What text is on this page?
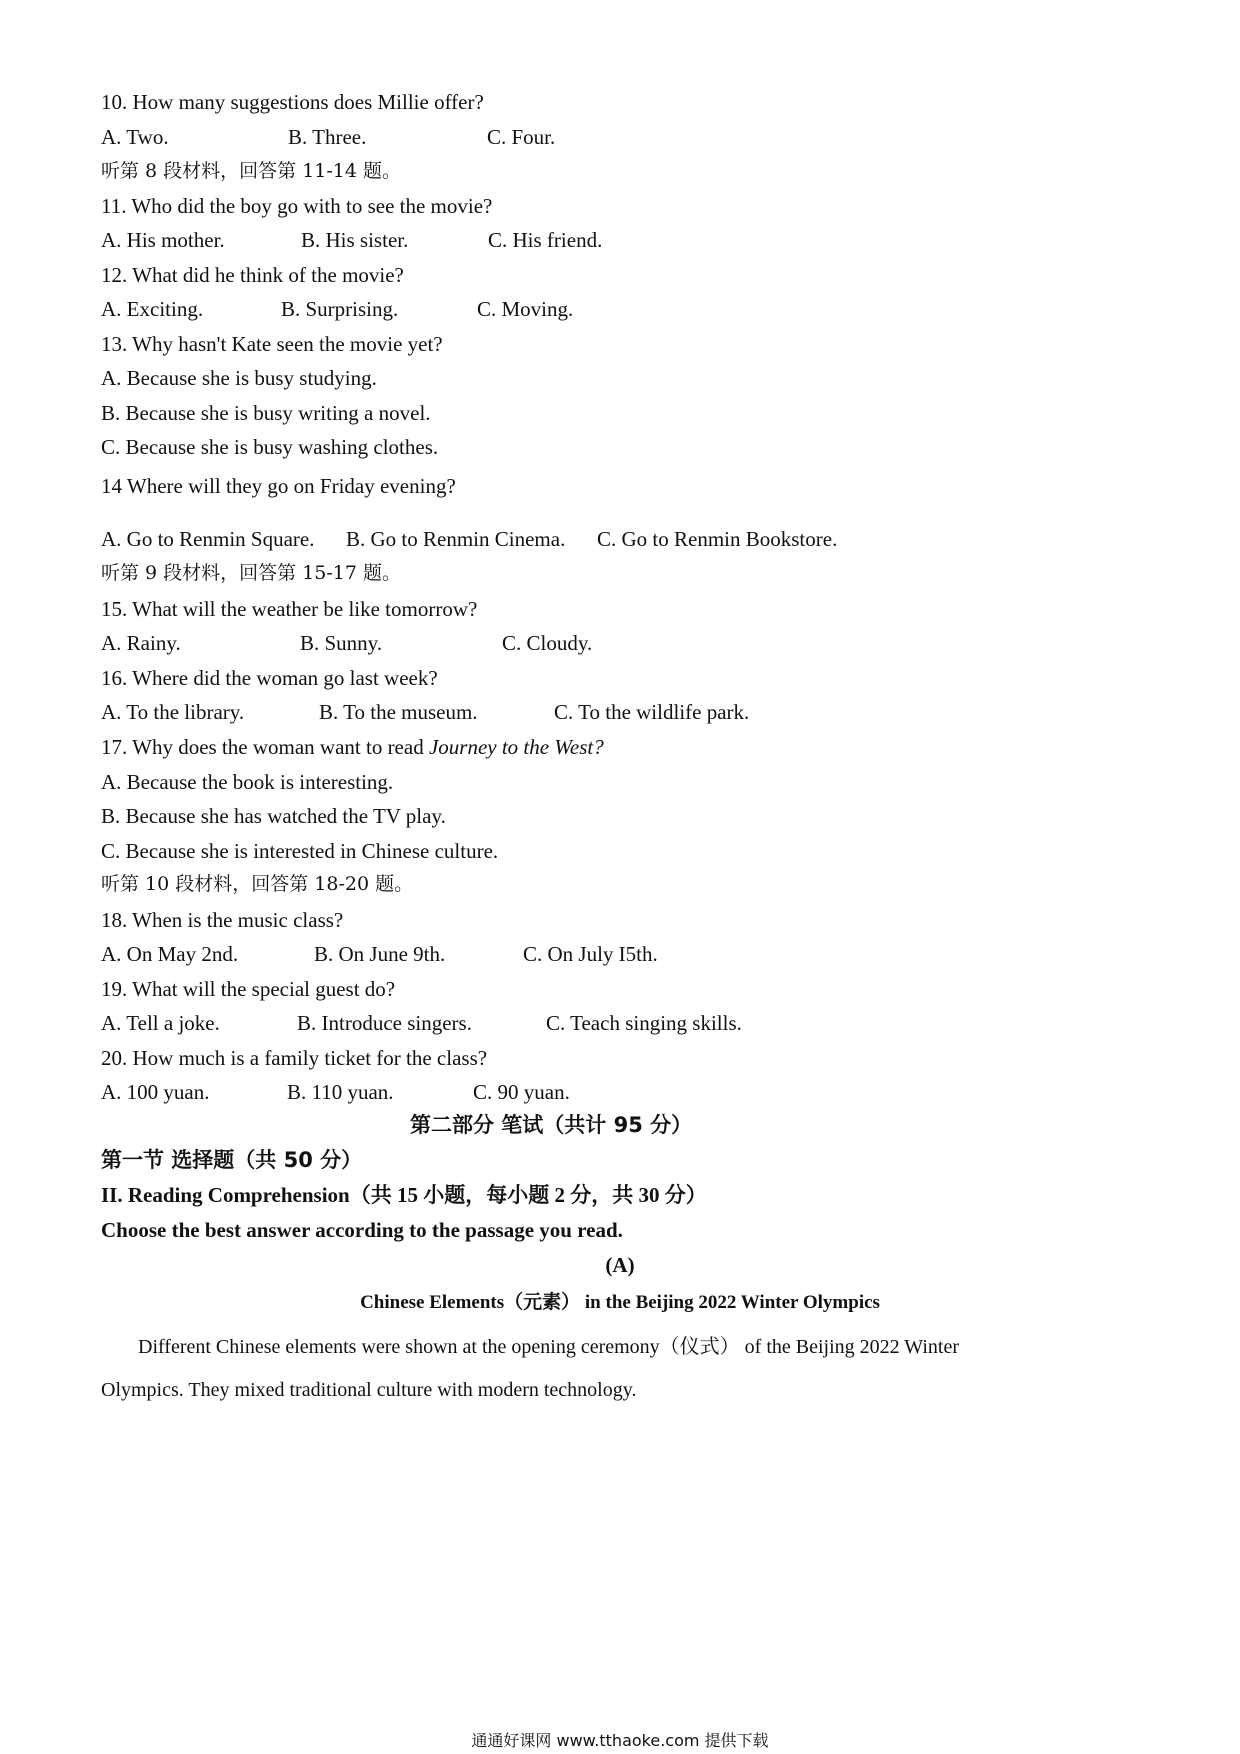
10. How many suggestions does Millie offer?
A. Two.	B. Three.	C. Four.
听第 8 段材料，回答第 11-14 题。
11. Who did the boy go with to see the movie?
A. His mother.	B. His sister.	C. His friend.
12. What did he think of the movie?
A. Exciting.	B. Surprising.	C. Moving.
13. Why hasn't Kate seen the movie yet?
A. Because she is busy studying.
B. Because she is busy writing a novel.
C. Because she is busy washing clothes.
14 Where will they go on Friday evening?
A. Go to Renmin Square. B. Go to Renmin Cinema. C. Go to Renmin Bookstore.
听第 9 段材料，回答第 15-17 题。
15. What will the weather be like tomorrow?
A. Rainy.	B. Sunny.	C. Cloudy.
16. Where did the woman go last week?
A. To the library.	B. To the museum.	C. To the wildlife park.
17. Why does the woman want to read Journey to the West?
A. Because the book is interesting.
B. Because she has watched the TV play.
C. Because she is interested in Chinese culture.
听第 10 段材料，回答第 18-20 题。
18. When is the music class?
A. On May 2nd.	B. On June 9th.	C. On July I5th.
19. What will the special guest do?
A. Tell a joke.	B. Introduce singers.	C. Teach singing skills.
20. How much is a family ticket for the class?
A. 100 yuan.	B. 110 yuan.	C. 90 yuan.
第二部分 笔试（共计 95 分）
第一节 选择题（共 50 分）
II. Reading Comprehension（共 15 小题，每小题 2 分，共 30 分）
Choose the best answer according to the passage you read.
(A)
Chinese Elements（元素） in the Beijing 2022 Winter Olympics
Different Chinese elements were shown at the opening ceremony（仪式） of the Beijing 2022 Winter
Olympics. They mixed traditional culture with modern technology.
通通好课网 www.tthaoke.com 提供下载
